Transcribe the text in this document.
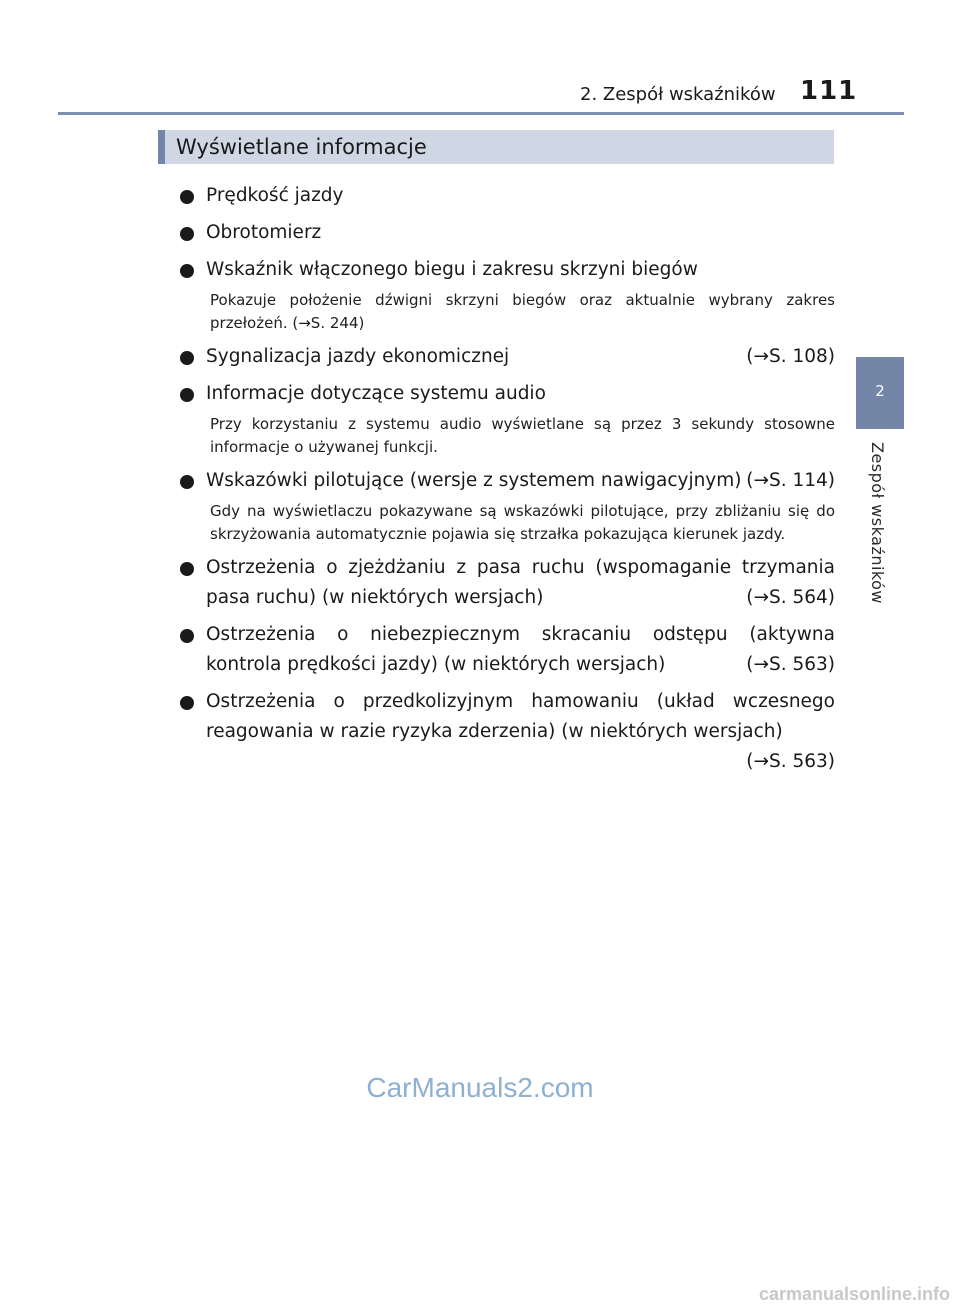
2. Zespół wskaźników 111
2
Zespół wskaźników
Wyświetlane informacje
Prędkość jazdy
Obrotomierz
Wskaźnik włączonego biegu i zakresu skrzyni biegów
Pokazuje położenie dźwigni skrzyni biegów oraz aktualnie wybrany zakres przełożeń. (→S. 244)
Sygnalizacja jazdy ekonomicznej	(→S. 108)
Informacje dotyczące systemu audio
Przy korzystaniu z systemu audio wyświetlane są przez 3 sekundy stosowne informacje o używanej funkcji.
Wskazówki pilotujące (wersje z systemem nawigacyjnym) (→S. 114)
Gdy na wyświetlaczu pokazywane są wskazówki pilotujące, przy zbliżaniu się do skrzyżowania automatycznie pojawia się strzałka pokazująca kierunek jazdy.
Ostrzeżenia o zjeżdżaniu z pasa ruchu (wspomaganie trzymania pasa ruchu) (w niektórych wersjach)	(→S. 564)
Ostrzeżenia o niebezpiecznym skracaniu odstępu (aktywna kontrola prędkości jazdy) (w niektórych wersjach)	(→S. 563)
Ostrzeżenia o przedkolizyjnym hamowaniu (układ wczesnego reagowania w razie ryzyka zderzenia) (w niektórych wersjach)
(→S. 563)
CarManuals2.com
carmanualsonline.info
